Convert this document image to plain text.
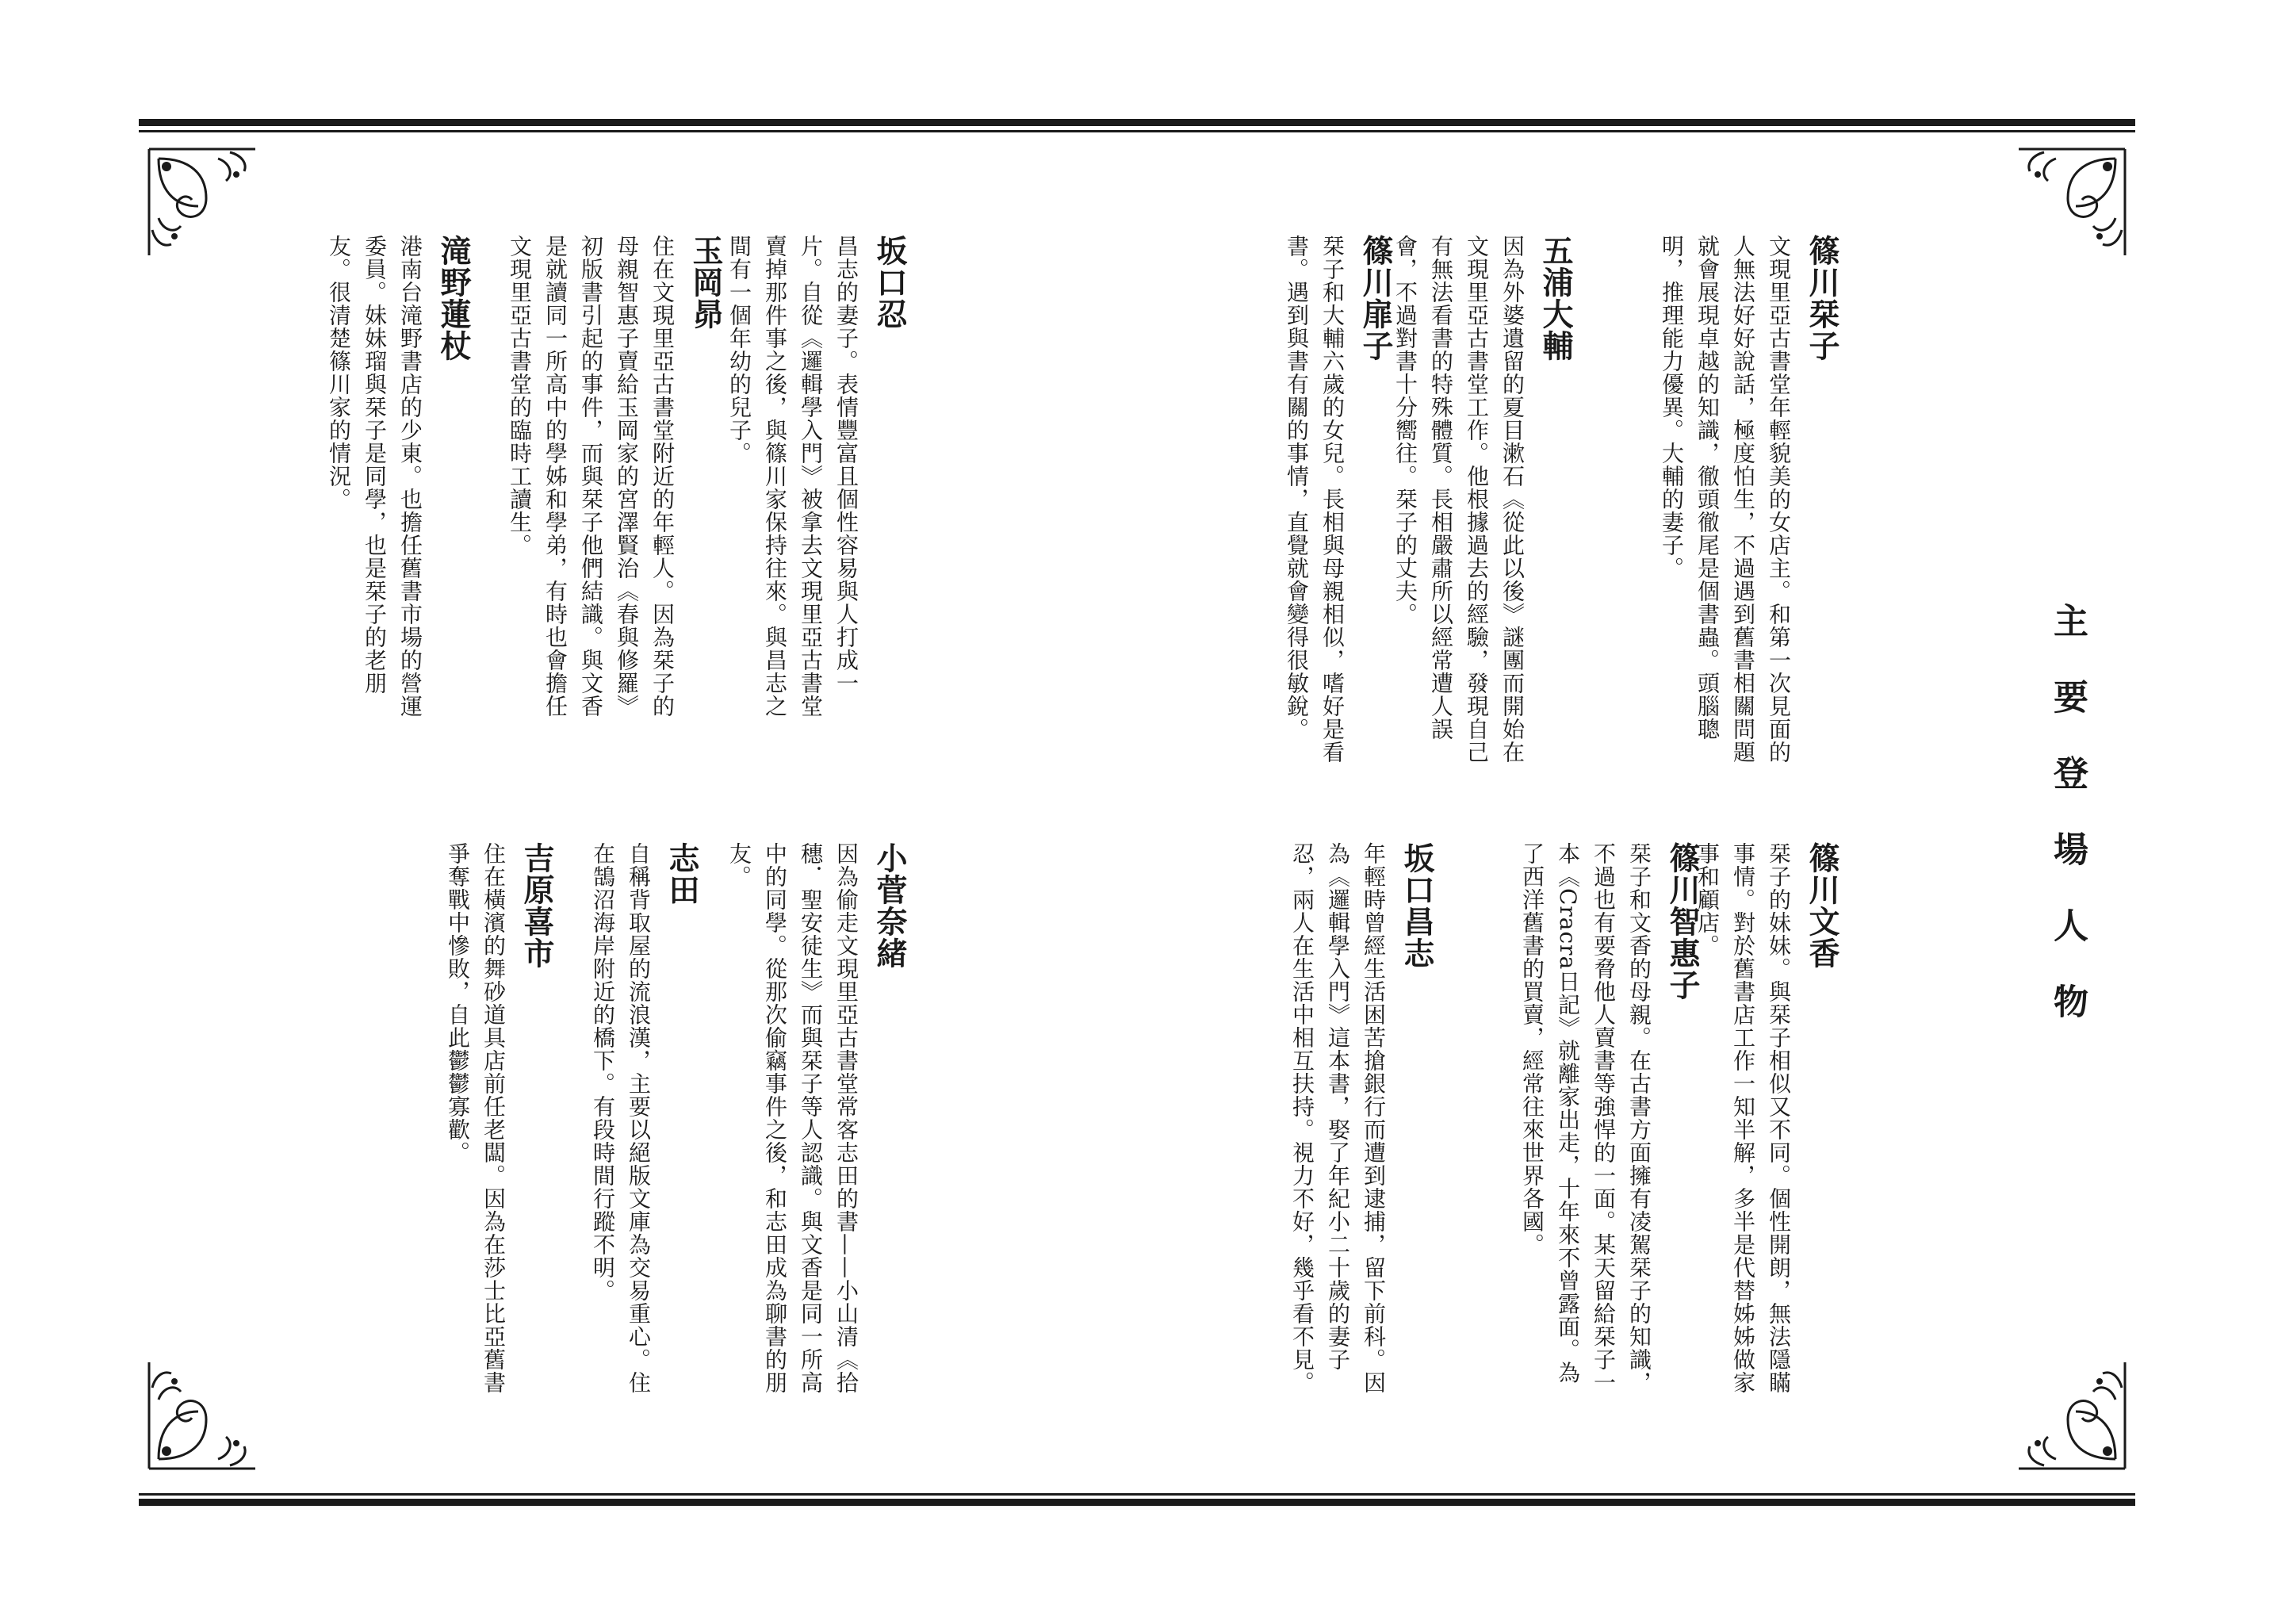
主要登場人物
篠川栞子
文現里亞古書堂年輕貌美的女店主。和第一次見面的人無法好好說話，極度怕生，不過遇到舊書相關問題就會展現卓越的知識，徹頭徹尾是個書蟲。頭腦聰明，推理能力優異。大輔的妻子。
五浦大輔
因為外婆遺留的夏目漱石《從此以後》謎團而開始在文現里亞古書堂工作。他根據過去的經驗，發現自己有無法看書的特殊體質。長相嚴肅所以經常遭人誤會，不過對書十分嚮往。栞子的丈夫。
篠川扉子
栞子和大輔六歲的女兒。長相與母親相似，嗜好是看書。遇到與書有關的事情，直覺就會變得很敏銳。
坂口忍
昌志的妻子。表情豐富且個性容易與人打成一片。自從《邏輯學入門》被拿去文現里亞古書堂賣掉那件事之後，與篠川家保持往來。與昌志之間有一個年幼的兒子。
玉岡昴
住在文現里亞古書堂附近的年輕人。因為栞子的母親智惠子賣給玉岡家的宮澤賢治《春與修羅》初版書引起的事件，而與栞子他們結識。與文香是就讀同一所高中的學姊和學弟，有時也會擔任文現里亞古書堂的臨時工讀生。
滝野蓮杖
港南台滝野書店的少東。也擔任舊書市場的營運委員。妹妹瑠與栞子是同學，也是栞子的老朋友。很清楚篠川家的情況。
篠川文香
栞子的妹妹。與栞子相似又不同。個性開朗，無法隱瞞事情。對於舊書店工作一知半解，多半是代替姊姊做家事和顧店。
篠川智惠子
栞子和文香的母親。在古書方面擁有凌駕栞子的知識，不過也有要脅他人賣書等強悍的一面。某天留給栞子一本《Cracra日記》就離家出走，十年來不曾露面。為了西洋舊書的買賣，經常往來世界各國。
坂口昌志
年輕時曾經生活困苦搶銀行而遭到逮捕，留下前科。因為《邏輯學入門》這本書，娶了年紀小二十歲的妻子忍，兩人在生活中相互扶持。視力不好，幾乎看不見。
小菅奈緒
因為偷走文現里亞古書堂常客志田的書——小山清《拾穗．聖安徒生》而與栞子等人認識。與文香是同一所高中的同學。從那次偷竊事件之後，和志田成為聊書的朋友。
志田
自稱背取屋的流浪漢，主要以絕版文庫為交易重心。住在鵠沼海岸附近的橋下。有段時間行蹤不明。
吉原喜市
住在橫濱的舞砂道具店前任老闆。因為在莎士比亞舊書爭奪戰中慘敗，自此鬱鬱寡歡。
